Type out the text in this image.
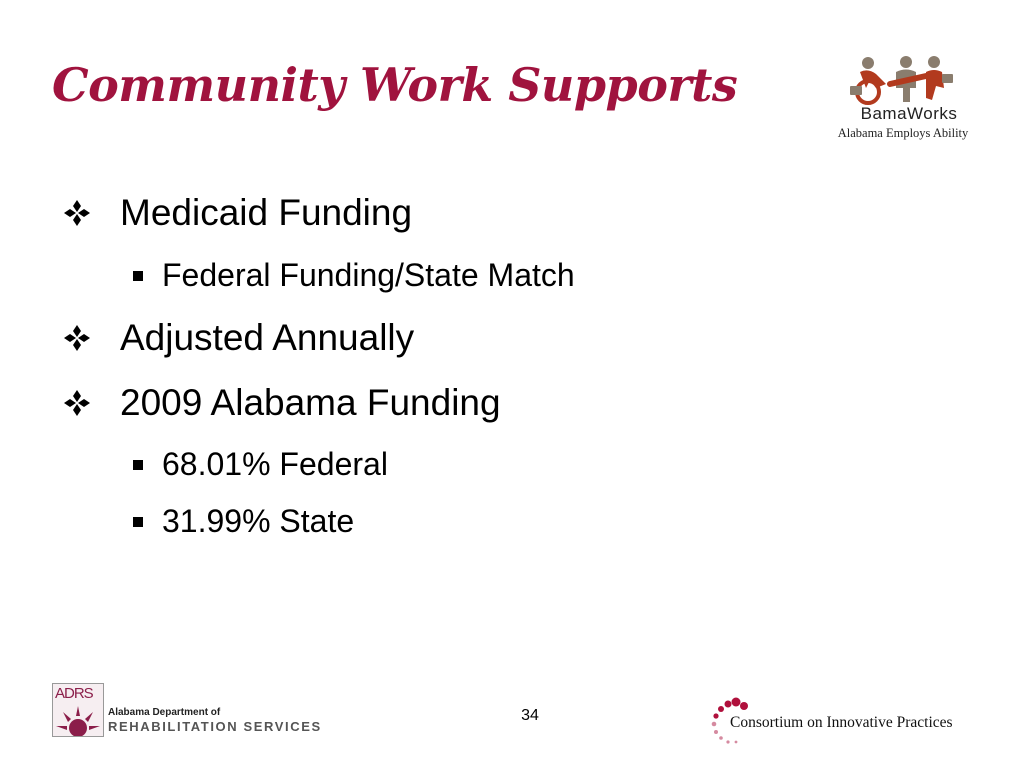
Community Work Supports
BamaWorks
Alabama Employs Ability
Medicaid Funding
Federal Funding/State Match
Adjusted Annually
2009 Alabama Funding
68.01% Federal
31.99% State
ADRS
Alabama Department of
REHABILITATION SERVICES
34	Consortium on Innovative Practices
